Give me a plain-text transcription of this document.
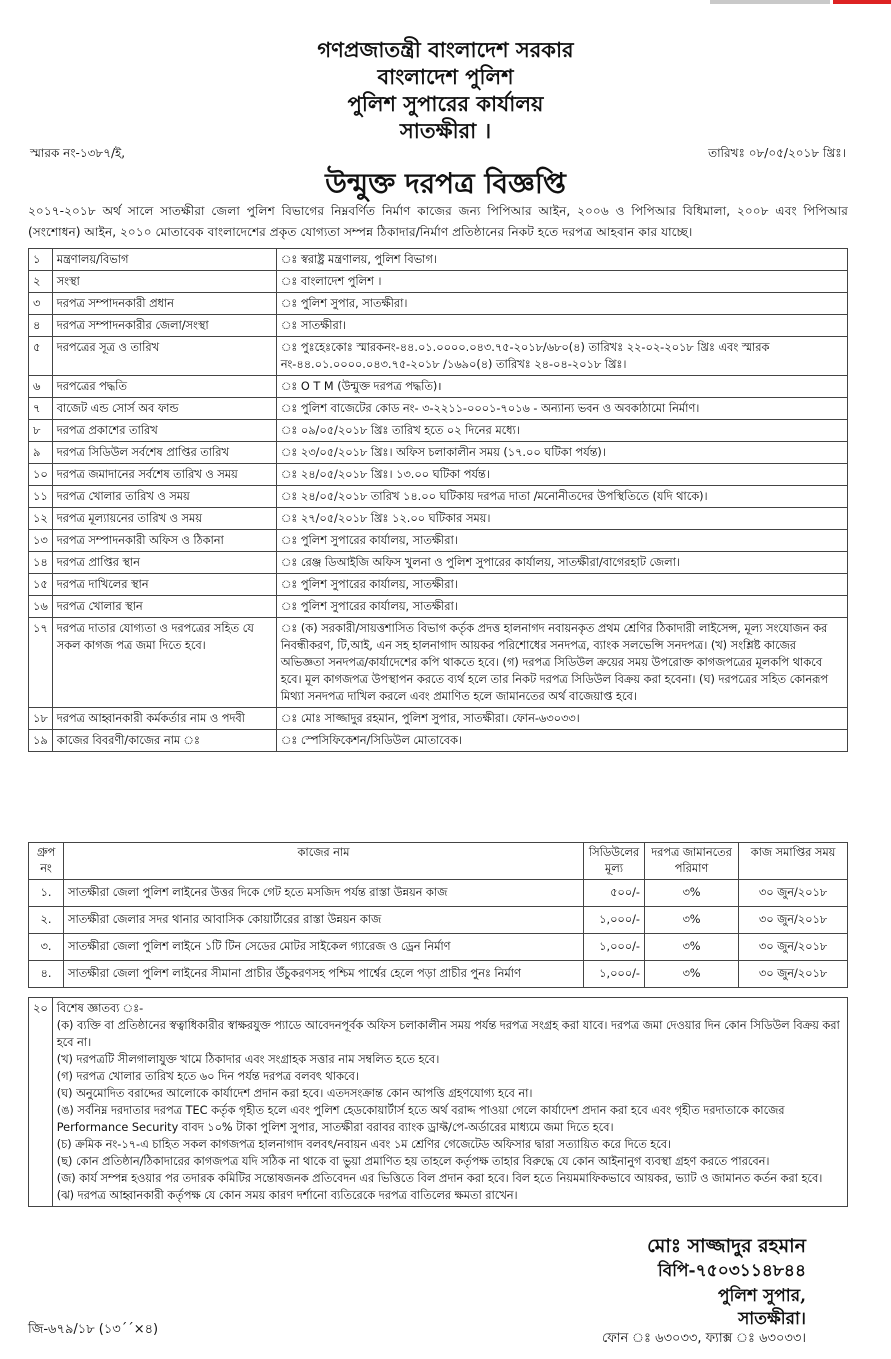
গণপ্রজাতন্ত্রী বাংলাদেশ সরকার
বাংলাদেশ পুলিশ
পুলিশ সুপারের কার্যালয়
সাতক্ষীরা ।
স্মারক নং-১৩৮৭/ই,	তারিখঃ ০৮/০৫/২০১৮ খ্রিঃ।
উন্মুক্ত দরপত্র বিজ্ঞপ্তি
২০১৭-২০১৮ অর্থ সালে সাতক্ষীরা জেলা পুলিশ বিভাগের নিম্নবর্ণিত নির্মাণ কাজের জন্য পিপিআর আইন, ২০০৬ ও পিপিআর বিধিমালা, ২০০৮ এবং পিপিআর (সংশোধন) আইন, ২০১০ মোতাবেক বাংলাদেশের প্রকৃত যোগ্যতা সম্পন্ন ঠিকাদার/নির্মাণ প্রতিষ্ঠানের নিকট হতে দরপত্র আহবান কার যাচ্ছে।
১	মন্ত্রণালয়/বিভাগ	ঃ স্বরাষ্ট্র মন্ত্রণালয়, পুলিশ বিভাগ।
২	সংস্থা	ঃ বাংলাদেশ পুলিশ ।
৩	দরপত্র সম্পাদনকারী প্রধান	ঃ পুলিশ সুপার, সাতক্ষীরা।
৪	দরপত্র সম্পাদনকারীর জেলা/সংস্থা	ঃ সাতক্ষীরা।
৫	দরপত্রের সূত্র ও তারিখ	ঃ পুঃহেঃকোঃ স্মারকনং-৪৪.০১.০০০০.০৪৩.৭৫-২০১৮/৬৮০(৪) তারিখঃ ২২-০২-২০১৮ খ্রিঃ এবং স্মারক নং-৪৪.০১.০০০০.০৪৩.৭৫-২০১৮ /১৬৯০(৪) তারিখঃ ২৪-০৪-২০১৮ খ্রিঃ।
৬	দরপত্রের পদ্ধতি	ঃ O T M (উন্মুক্ত দরপত্র পদ্ধতি)।
৭	বাজেট এন্ড সোর্স অব ফান্ড	ঃ পুলিশ বাজেটের কোড নং- ৩-২২১১-০০০১-৭০১৬ - অন্যান্য ভবন ও অবকাঠামো নির্মাণ।
৮	দরপত্র প্রকাশের তারিখ	ঃ ০৯/০৫/২০১৮ খ্রিঃ তারিখ হতে ০২ দিনের মধ্যে।
৯	দরপত্র সিডিউল সর্বশেষ প্রাপ্তির তারিখ	ঃ ২৩/০৫/২০১৮ খ্রিঃ। অফিস চলাকালীন সময় (১৭.০০ ঘটিকা পর্যন্ত)।
১০	দরপত্র জমাদানের সর্বশেষ তারিখ ও সময়	ঃ ২৪/০৫/২০১৮ খ্রিঃ। ১৩.০০ ঘটিকা পর্যন্ত।
১১	দরপত্র খোলার তারিখ ও সময়	ঃ ২৪/০৫/২০১৮ তারিখ ১৪.০০ ঘটিকায় দরপত্র দাতা /মনোনীতদের উপস্থিতিতে (যদি থাকে)।
১২	দরপত্র মূল্যায়নের তারিখ ও সময়	ঃ ২৭/০৫/২০১৮ খ্রিঃ ১২.০০ ঘটিকার সময়।
১৩	দরপত্র সম্পাদনকারী অফিস ও ঠিকানা	ঃ পুলিশ সুপারের কার্যালয়, সাতক্ষীরা।
১৪	দরপত্র প্রাপ্তির স্থান	ঃ রেঞ্জ ডিআইজি অফিস খুলনা ও পুলিশ সুপারের কার্যালয়, সাতক্ষীরা/বাগেরহাট জেলা।
১৫	দরপত্র দাখিলের স্থান	ঃ পুলিশ সুপারের কার্যালয়, সাতক্ষীরা।
১৬	দরপত্র খোলার স্থান	ঃ পুলিশ সুপারের কার্যালয়, সাতক্ষীরা।
১৭	দরপত্র দাতার যোগ্যতা ও দরপত্রের সহিত যে সকল কাগজ পত্র জমা দিতে হবে।	ঃ (ক) সরকারী/সায়ত্তশাসিত বিভাগ কর্তৃক প্রদত্ত হালনাগদ নবায়নকৃত প্রথম শ্রেণির ঠিকাদারী লাইসেন্স, মূল্য সংযোজন কর নিবন্ধীকরণ, টি,আই, এন সহ হালনাগাদ আয়কর পরিশোধের সনদপত্র, ব্যাংক সলভেন্সি সনদপত্র। (খ) সংশ্লিষ্ট কাজের অভিজ্ঞতা সনদপত্র/কার্যাদেশের কপি থাকতে হবে। (গ) দরপত্র সিডিউল ক্রয়ের সময় উপরোক্ত কাগজপত্রের মূলকপি থাকবে হবে। মূল কাগজপত্র উপস্থাপন করতে ব্যর্থ হলে তার নিকট দরপত্র সিডিউল বিক্রয় করা হবেনা। (ঘ) দরপত্রের সহিত কোনরূপ মিথ্যা সনদপত্র দাখিল করলে এবং প্রমাণিত হলে জামানতের অর্থ বাজেয়াপ্ত হবে।
১৮	দরপত্র আহ্বানকারী কর্মকর্তার নাম ও পদবী	ঃ মোঃ সাজ্জাদুর রহমান, পুলিশ সুপার, সাতক্ষীরা। ফোন-৬৩০৩৩।
১৯	কাজের বিবরণী/কাজের নাম ঃ	ঃ স্পেসিফিকেশন/সিডিউল মোতাবেক।
গ্রুপ নং	কাজের নাম	সিডিউলের মূল্য	দরপত্র জামানতের পরিমাণ	কাজ সমাপ্তির সময়
১.	সাতক্ষীরা জেলা পুলিশ লাইনের উত্তর দিকে গেট হতে মসজিদ পর্যন্ত রাস্তা উন্নয়ন কাজ	৫০০/-	৩%	৩০ জুন/২০১৮
২.	সাতক্ষীরা জেলার সদর থানার আবাসিক কোয়ার্টারের রাস্তা উন্নয়ন কাজ	১,০০০/-	৩%	৩০ জুন/২০১৮
৩.	সাতক্ষীরা জেলা পুলিশ লাইনে ১টি টিন সেডের মোটর সাইকেল গ্যারেজ ও ড্রেন নির্মাণ	১,০০০/-	৩%	৩০ জুন/২০১৮
৪.	সাতক্ষীরা জেলা পুলিশ লাইনের সীমানা প্রাচীর উঁচুকরণসহ পশ্চিম পার্শ্বের হেলে পড়া প্রাচীর পুনঃ নির্মাণ	১,০০০/-	৩%	৩০ জুন/২০১৮
২০	বিশেষ জ্ঞাতব্য ঃ-
(ক) ব্যক্তি বা প্রতিষ্ঠানের স্বত্বাধিকারীর স্বাক্ষরযুক্ত প্যাডে আবেদনপূর্বক অফিস চলাকালীন সময় পর্যন্ত দরপত্র সংগ্রহ করা যাবে। দরপত্র জমা দেওয়ার দিন কোন সিডিউল বিক্রয় করা হবে না।
(খ) দরপত্রটি সীলগালাযুক্ত খামে ঠিকাদার এবং সংগ্রাহক সত্তার নাম সম্বলিত হতে হবে।
(গ) দরপত্র খোলার তারিখ হতে ৬০ দিন পর্যন্ত দরপত্র বলবৎ থাকবে।
(ঘ) অনুমোদিত বরাদ্দের আলোকে কার্যাদেশ প্রদান করা হবে। এতদসংক্রান্ত কোন আপত্তি গ্রহণযোগ্য হবে না।
(ঙ) সর্বনিম্ন দরদাতার দরপত্র TEC কর্তৃক গৃহীত হলে এবং পুলিশ হেডকোয়ার্টার্স হতে অর্থ বরাদ্দ পাওয়া গেলে কার্যাদেশ প্রদান করা হবে এবং গৃহীত দরদাতাকে কাজের Performance Security বাবদ ১০% টাকা পুলিশ সুপার, সাতক্ষীরা বরাবর ব্যাংক ড্রাফ্ট/পে-অর্ডারের মাধ্যমে জমা দিতে হবে।
(চ) ক্রমিক নং-১৭-এ চাহিত সকল কাগজপত্র হালনাগাদ বলবৎ/নবায়ন এবং ১ম শ্রেণির গেজেটেড অফিসার দ্বারা সত্যায়িত করে দিতে হবে।
(ছ) কোন প্রতিষ্ঠান/ঠিকাদারের কাগজপত্র যদি সঠিক না থাকে বা ভুয়া প্রমাণিত হয় তাহলে কর্তৃপক্ষ তাহার বিরুদ্ধে যে কোন আইনানুগ ব্যবস্থা গ্রহণ করতে পারবেন।
(জ) কার্য সম্পন্ন হওয়ার পর তদারক কমিটির সন্তোষজনক প্রতিবেদন এর ভিত্তিতে বিল প্রদান করা হবে। বিল হতে নিয়মমাফিকভাবে আয়কর, ভ্যাট ও জামানত কর্তন করা হবে।
(ঝ) দরপত্র আহ্বানকারী কর্তৃপক্ষ যে কোন সময় কারণ দর্শানো ব্যতিরেকে দরপত্র বাতিলের ক্ষমতা রাখেন।
মোঃ সাজ্জাদুর রহমান
বিপি-৭৫০৩১১৪৮৪৪
পুলিশ সুপার,
সাতক্ষীরা।
ফোন ঃ ৬৩০৩৩, ফ্যাক্স ঃ ৬৩০৩৩।
জি-৬৭৯/১৮ (১৩´´×৪)
